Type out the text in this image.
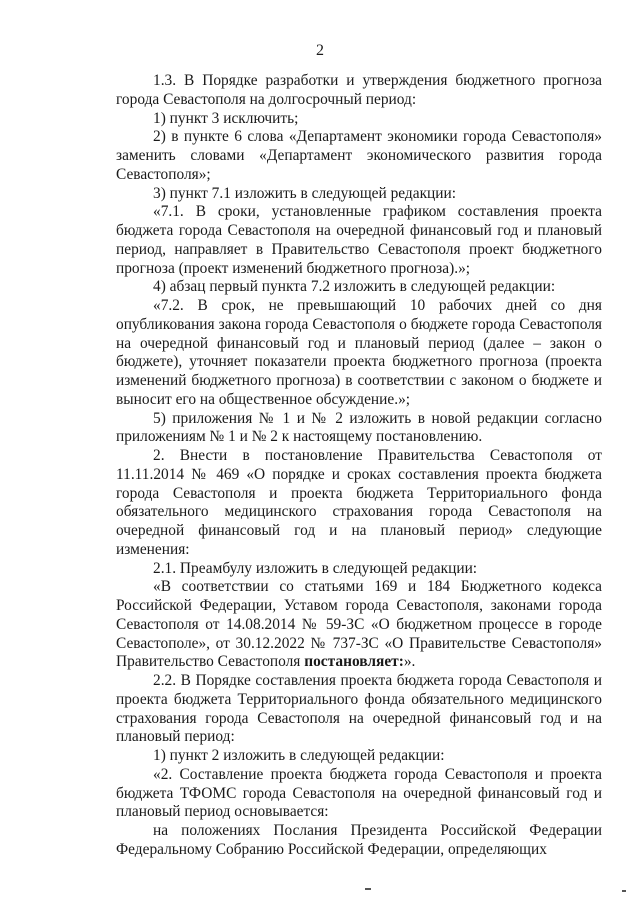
2

1.3. В Порядке разработки и утверждения бюджетного прогноза города Севастополя на долгосрочный период:

1) пункт 3 исключить;

2) в пункте 6 слова «Департамент экономики города Севастополя» заменить словами «Департамент экономического развития города Севастополя»;

3) пункт 7.1 изложить в следующей редакции:

«7.1. В сроки, установленные графиком составления проекта бюджета города Севастополя на очередной финансовый год и плановый период, направляет в Правительство Севастополя проект бюджетного прогноза (проект изменений бюджетного прогноза).»;

4) абзац первый пункта 7.2 изложить в следующей редакции:

«7.2. В срок, не превышающий 10 рабочих дней со дня опубликования закона города Севастополя о бюджете города Севастополя на очередной финансовый год и плановый период (далее – закон о бюджете), уточняет показатели проекта бюджетного прогноза (проекта изменений бюджетного прогноза) в соответствии с законом о бюджете и выносит его на общественное обсуждение.»;

5) приложения № 1 и № 2 изложить в новой редакции согласно приложениям № 1 и № 2 к настоящему постановлению.

2. Внести в постановление Правительства Севастополя от 11.11.2014 № 469 «О порядке и сроках составления проекта бюджета города Севастополя и проекта бюджета Территориального фонда обязательного медицинского страхования города Севастополя на очередной финансовый год и на плановый период» следующие изменения:

2.1. Преамбулу изложить в следующей редакции:

«В соответствии со статьями 169 и 184 Бюджетного кодекса Российской Федерации, Уставом города Севастополя, законами города Севастополя от 14.08.2014 № 59-ЗС «О бюджетном процессе в городе Севастополе», от 30.12.2022 № 737-ЗС «О Правительстве Севастополя» Правительство Севастополя постановляет:».

2.2. В Порядке составления проекта бюджета города Севастополя и проекта бюджета Территориального фонда обязательного медицинского страхования города Севастополя на очередной финансовый год и на плановый период:

1) пункт 2 изложить в следующей редакции:

«2. Составление проекта бюджета города Севастополя и проекта бюджета ТФОМС города Севастополя на очередной финансовый год и плановый период основывается:

на положениях Послания Президента Российской Федерации Федеральному Собранию Российской Федерации, определяющих
